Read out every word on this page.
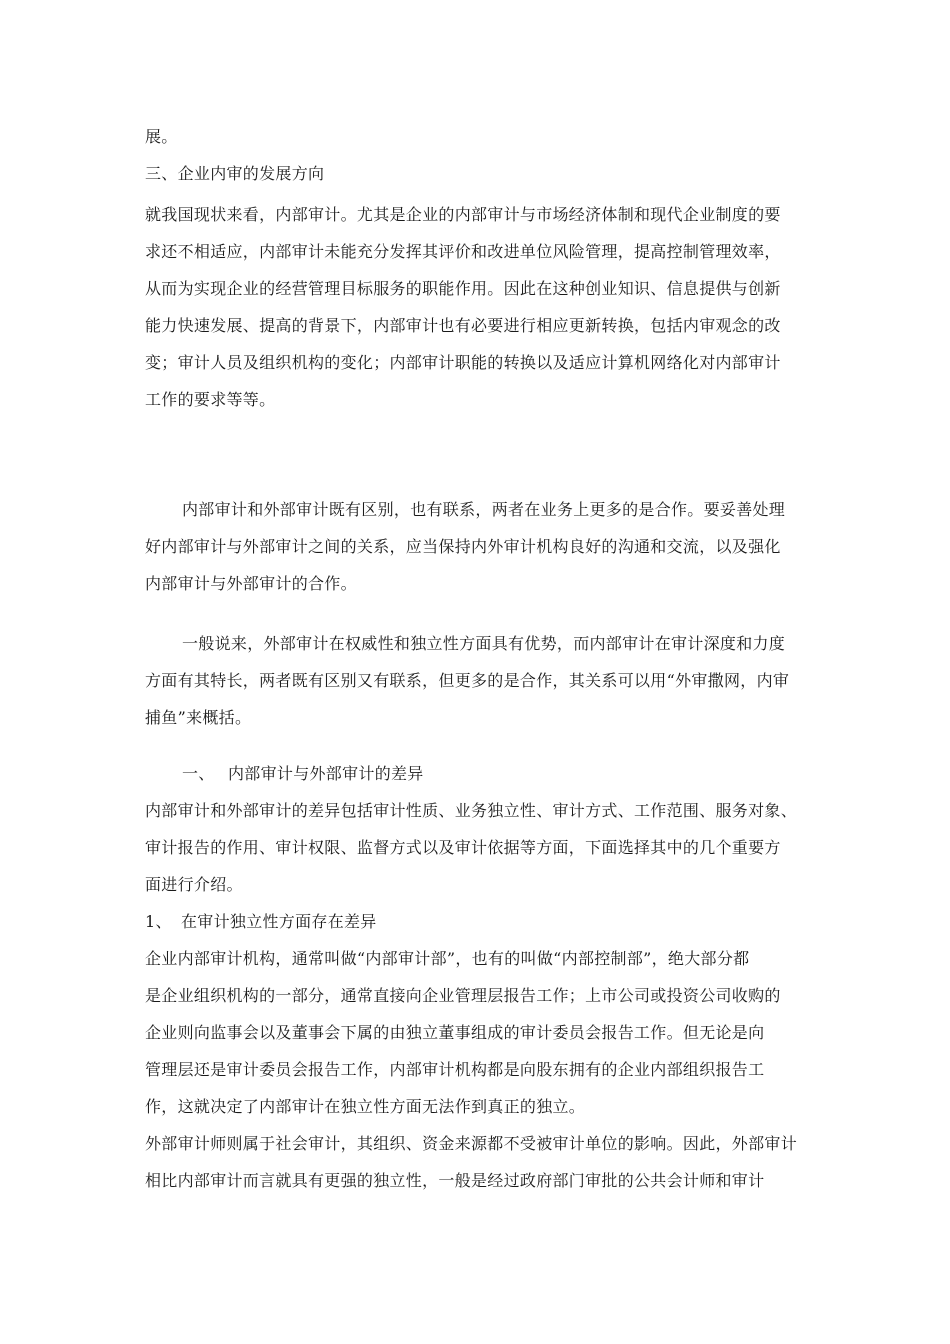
展。
三、企业内审的发展方向
就我国现状来看，内部审计。尤其是企业的内部审计与市场经济体制和现代企业制度的要
求还不相适应，内部审计未能充分发挥其评价和改进单位风险管理，提高控制管理效率，
从而为实现企业的经营管理目标服务的职能作用。因此在这种创业知识、信息提供与创新
能力快速发展、提高的背景下，内部审计也有必要进行相应更新转换，包括内审观念的改
变；审计人员及组织机构的变化；内部审计职能的转换以及适应计算机网络化对内部审计
工作的要求等等。
内部审计和外部审计既有区别，也有联系，两者在业务上更多的是合作。要妥善处理
好内部审计与外部审计之间的关系，应当保持内外审计机构良好的沟通和交流，以及强化
内部审计与外部审计的合作。
一般说来，外部审计在权威性和独立性方面具有优势，而内部审计在审计深度和力度
方面有其特长，两者既有区别又有联系，但更多的是合作，其关系可以用“外审撒网，内审
捕鱼”来概括。
一、 内部审计与外部审计的差异
内部审计和外部审计的差异包括审计性质、业务独立性、审计方式、工作范围、服务对象、
审计报告的作用、审计权限、监督方式以及审计依据等方面，下面选择其中的几个重要方
面进行介绍。
1、 在审计独立性方面存在差异
企业内部审计机构，通常叫做“内部审计部”，也有的叫做“内部控制部”，绝大部分都
是企业组织机构的一部分，通常直接向企业管理层报告工作；上市公司或投资公司收购的
企业则向监事会以及董事会下属的由独立董事组成的审计委员会报告工作。但无论是向
管理层还是审计委员会报告工作，内部审计机构都是向股东拥有的企业内部组织报告工
作，这就决定了内部审计在独立性方面无法作到真正的独立。
外部审计师则属于社会审计，其组织、资金来源都不受被审计单位的影响。因此，外部审计
相比内部审计而言就具有更强的独立性，一般是经过政府部门审批的公共会计师和审计
